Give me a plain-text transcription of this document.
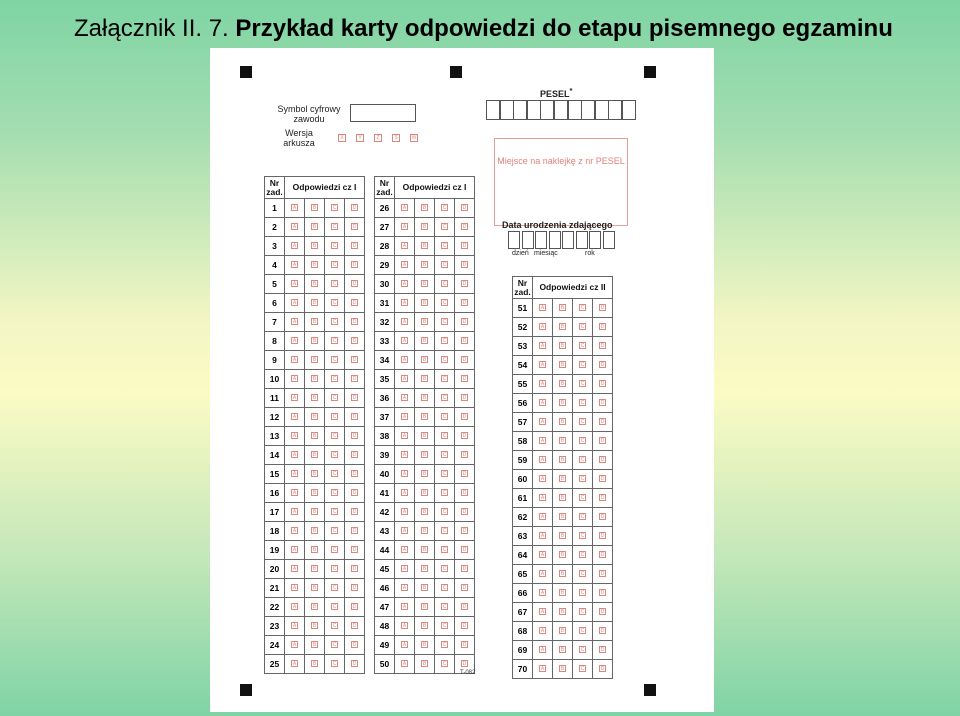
Załącznik II. 7. Przykład karty odpowiedzi do etapu pisemnego egzaminu
Symbol cyfrowy zawodu
Wersja arkusza	X	Y	Z	S	W
PESEL*
Miejsce na naklejkę z nr PESEL
Data urodzenia zdającego
dzień miesiąc	rok
Nr zad.	Odpowiedzi cz I			
1	A	B	C	D
2	A	B	C	D
3	A	B	C	D
4	A	B	C	D
5	A	B	C	D
6	A	B	C	D
7	A	B	C	D
8	A	B	C	D
9	A	B	C	D
10	A	B	C	D
11	A	B	C	D
12	A	B	C	D
13	A	B	C	D
14	A	B	C	D
15	A	B	C	D
16	A	B	C	D
17	A	B	C	D
18	A	B	C	D
19	A	B	C	D
20	A	B	C	D
21	A	B	C	D
22	A	B	C	D
23	A	B	C	D
24	A	B	C	D
25	A	B	C	D
Nr zad.	Odpowiedzi cz I			
26	A	B	C	D
27	A	B	C	D
28	A	B	C	D
29	A	B	C	D
30	A	B	C	D
31	A	B	C	D
32	A	B	C	D
33	A	B	C	D
34	A	B	C	D
35	A	B	C	D
36	A	B	C	D
37	A	B	C	D
38	A	B	C	D
39	A	B	C	D
40	A	B	C	D
41	A	B	C	D
42	A	B	C	D
43	A	B	C	D
44	A	B	C	D
45	A	B	C	D
46	A	B	C	D
47	A	B	C	D
48	A	B	C	D
49	A	B	C	D
50	A	B	C	D
Nr zad.	Odpowiedzi cz II			
51	A	B	C	D
52	A	B	C	D
53	A	B	C	D
54	A	B	C	D
55	A	B	C	D
56	A	B	C	D
57	A	B	C	D
58	A	B	C	D
59	A	B	C	D
60	A	B	C	D
61	A	B	C	D
62	A	B	C	D
63	A	B	C	D
64	A	B	C	D
65	A	B	C	D
66	A	B	C	D
67	A	B	C	D
68	A	B	C	D
69	A	B	C	D
70	A	B	C	D
T-082
